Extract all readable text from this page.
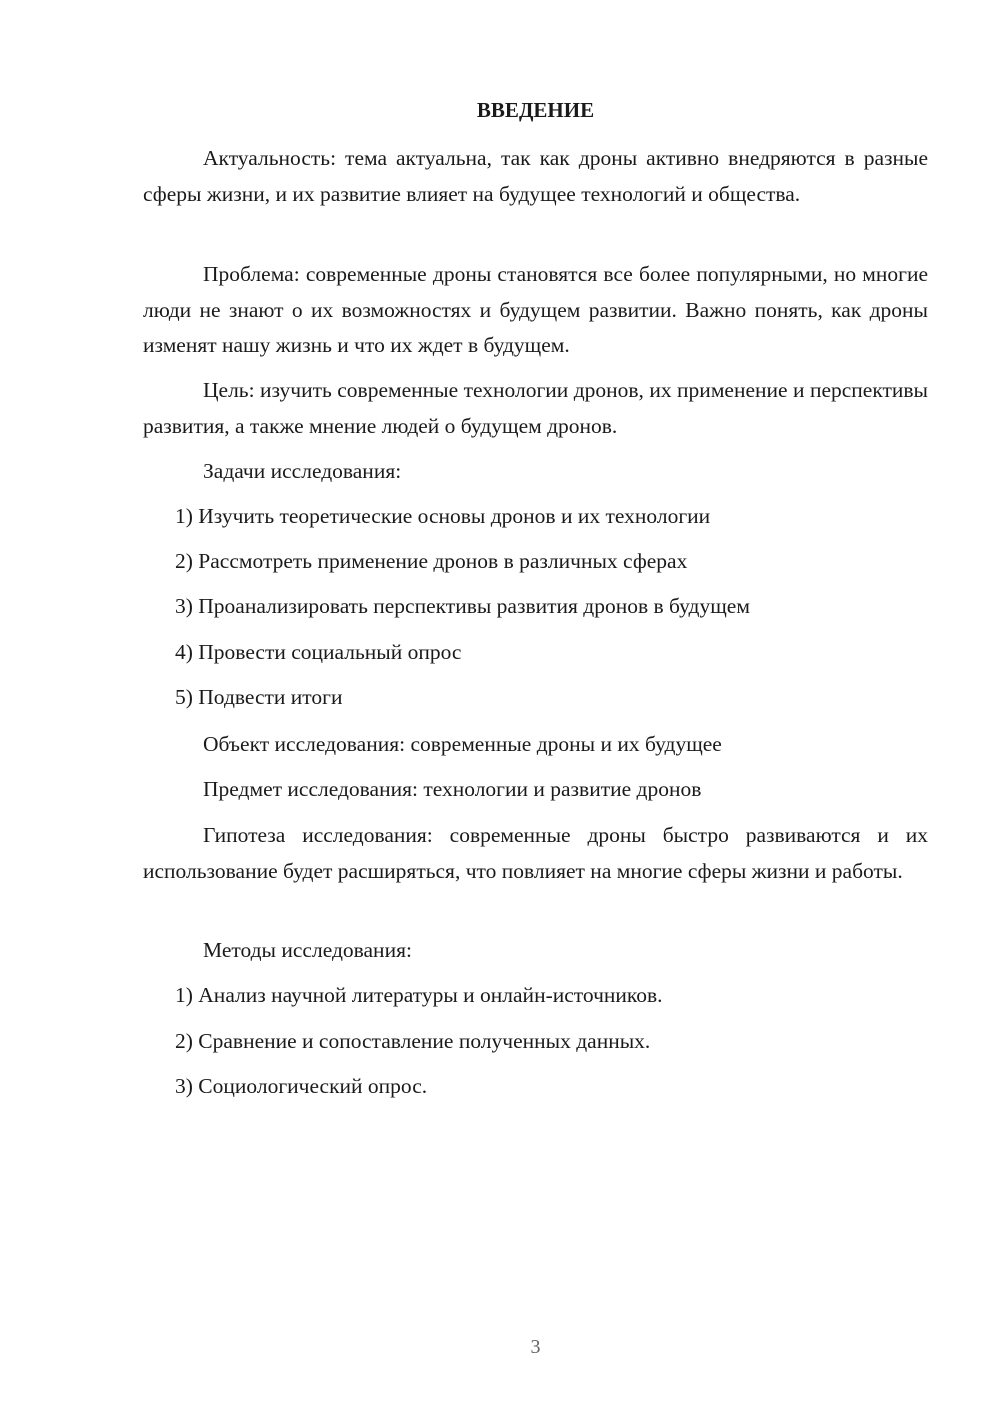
ВВЕДЕНИЕ

Актуальность: тема актуальна, так как дроны активно внедряются в разные сферы жизни, и их развитие влияет на будущее технологий и общества.

Проблема: современные дроны становятся все более популярными, но многие люди не знают о их возможностях и будущем развитии. Важно понять, как дроны изменят нашу жизнь и что их ждет в будущем.

Цель: изучить современные технологии дронов, их применение и перспективы развития, а также мнение людей о будущем дронов.

Задачи исследования:

1) Изучить теоретические основы дронов и их технологии

2) Рассмотреть применение дронов в различных сферах

3) Проанализировать перспективы развития дронов в будущем

4) Провести социальный опрос

5) Подвести итоги

Объект исследования: современные дроны и их будущее

Предмет исследования: технологии и развитие дронов

Гипотеза исследования: современные дроны быстро развиваются и их использование будет расширяться, что повлияет на многие сферы жизни и работы.

Методы исследования:

1) Анализ научной литературы и онлайн-источников.

2) Сравнение и сопоставление полученных данных.

3) Социологический опрос.

3
